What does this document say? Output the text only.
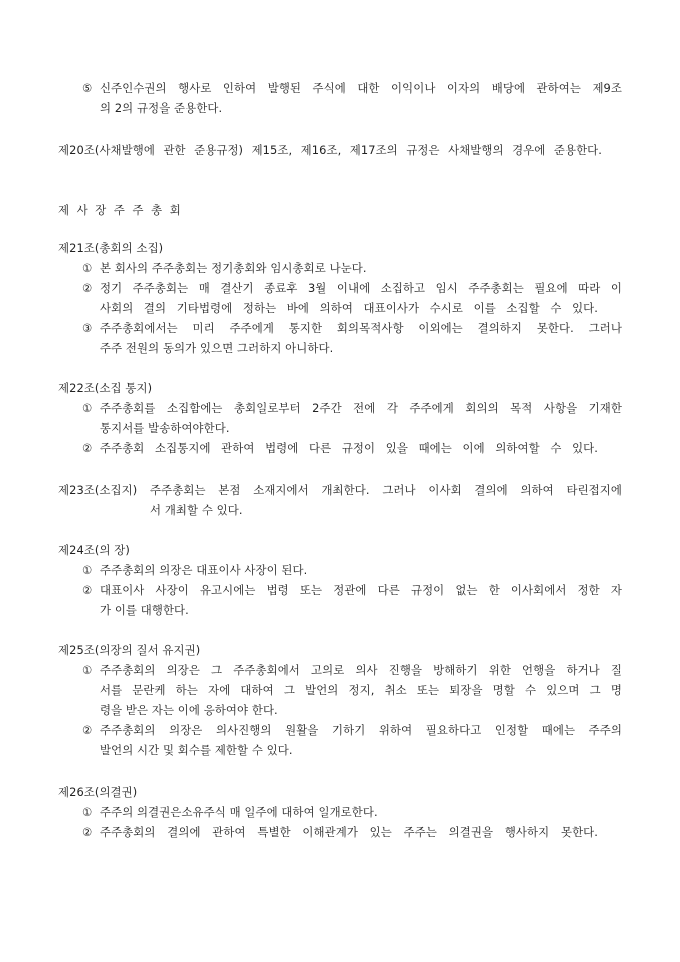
⑤ 신주인수권의 행사로 인하여 발행된 주식에 대한 이익이나 이자의 배당에 관하여는 제9조
의 2의 규정을 준용한다.
제20조(사채발행에 관한 준용규정) 제15조, 제16조, 제17조의 규정은 사채발행의 경우에 준용한다.
제 사 장 주 주 총 회
제21조(총회의 소집)
① 본 회사의 주주총회는 정기총회와 임시총회로 나눈다.
② 정기 주주총회는 매 결산기 종료후 3월 이내에 소집하고 임시 주주총회는 필요에 따라 이
사회의 결의 기타법령에 정하는 바에 의하여 대표이사가 수시로 이를 소집할 수 있다.
③ 주주총회에서는 미리 주주에게 통지한 회의목적사항 이외에는 결의하지 못한다. 그러나
주주 전원의 동의가 있으면 그러하지 아니하다.
제22조(소집 통지)
① 주주총회를 소집함에는 총회일로부터 2주간 전에 각 주주에게 회의의 목적 사항을 기재한
통지서를 발송하여야한다.
② 주주총회 소집통지에 관하여 법령에 다른 규정이 있을 때에는 이에 의하여할 수 있다.
제23조(소집지) 주주총회는 본점 소재지에서 개최한다. 그러나 이사회 결의에 의하여 타린접지에
서 개최할 수 있다.
제24조(의 장)
① 주주총회의 의장은 대표이사 사장이 된다.
② 대표이사 사장이 유고시에는 법령 또는 정관에 다른 규정이 없는 한 이사회에서 정한 자
가 이를 대행한다.
제25조(의장의 질서 유지권)
① 주주총회의 의장은 그 주주총회에서 고의로 의사 진행을 방해하기 위한 언행을 하거나 질
서를 문란케 하는 자에 대하여 그 발언의 정지, 취소 또는 퇴장을 명할 수 있으며 그 명
령을 받은 자는 이에 응하여야 한다.
② 주주총회의 의장은 의사진행의 원활을 기하기 위하여 필요하다고 인정할 때에는 주주의
발언의 시간 및 회수를 제한할 수 있다.
제26조(의결권)
① 주주의 의결권은소유주식 매 일주에 대하여 일개로한다.
② 주주총회의 결의에 관하여 특별한 이해관계가 있는 주주는 의결권을 행사하지 못한다.
